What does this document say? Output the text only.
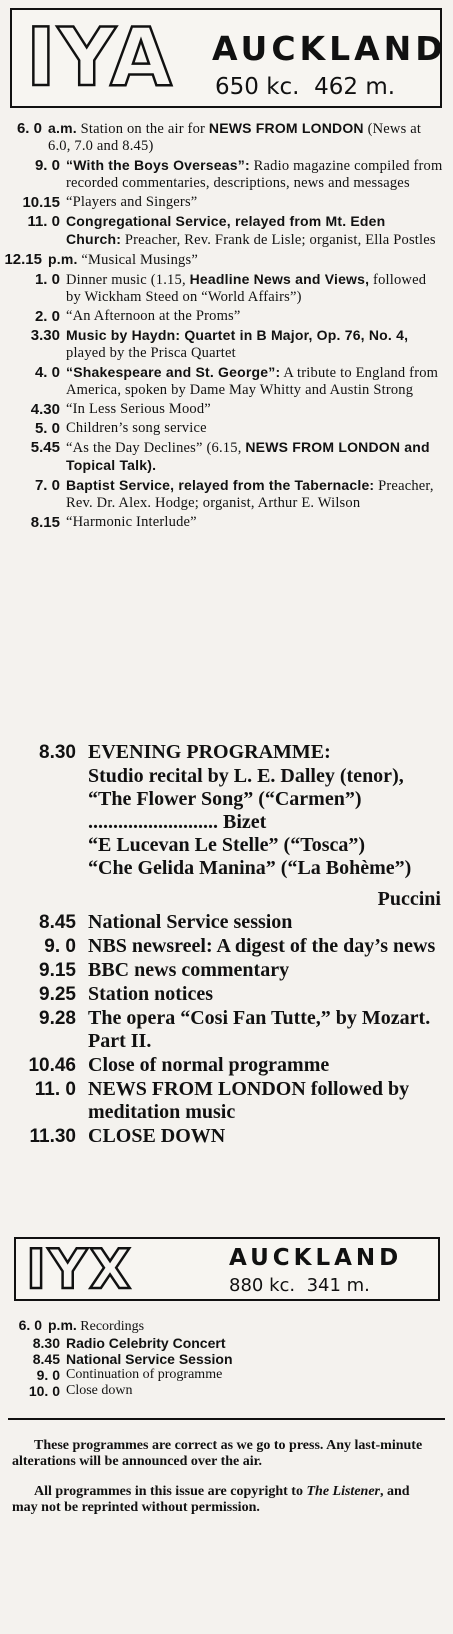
IYA AUCKLAND
650 kc.  462 m.
6. 0 a.m. Station on the air for NEWS FROM LONDON (News at 6.0, 7.0 and 8.45)
9. 0 “With the Boys Overseas”: Radio magazine compiled from recorded commentaries, descriptions, news and messages
10.15 “Players and Singers”
11. 0 Congregational Service, relayed from Mt. Eden Church: Preacher, Rev. Frank de Lisle; organist, Ella Postles
12.15 p.m. “Musical Musings”
1. 0 Dinner music (1.15, Headline News and Views, followed by Wickham Steed on “World Affairs”)
2. 0 “An Afternoon at the Proms”
3.30 Music by Haydn: Quartet in B Major, Op. 76, No. 4, played by the Prisca Quartet
4. 0 “Shakespeare and St. George”: A tribute to England from America, spoken by Dame May Whitty and Austin Strong
4.30 “In Less Serious Mood”
5. 0 Children’s song service
5.45 “As the Day Declines” (6.15, NEWS FROM LONDON and Topical Talk).
7. 0 Baptist Service, relayed from the Tabernacle: Preacher, Rev. Dr. Alex. Hodge; organist, Arthur E. Wilson
8.15 “Harmonic Interlude”
8.30 EVENING PROGRAMME:
Studio recital by L. E. Dalley (tenor),
“The Flower Song” (“Carmen”) .......................... Bizet
“E Lucevan Le Stelle” (“Tosca”)
“Che Gelida Manina” (“La Bohème”)
Puccini
8.45 National Service session
9. 0 NBS newsreel: A digest of the day’s news
9.15 BBC news commentary
9.25 Station notices
9.28 The opera “Cosi Fan Tutte,” by Mozart. Part II.
10.46 Close of normal programme
11. 0 NEWS FROM LONDON followed by meditation music
11.30 CLOSE DOWN
IYX	AUCKLAND
880 kc.  341 m.
6. 0 p.m. Recordings
8.30 Radio Celebrity Concert
8.45 National Service Session
9. 0 Continuation of programme
10. 0 Close down

These programmes are correct as we go to press. Any last-minute alterations will be announced over the air.

All programmes in this issue are copyright to The Listener, and may not be reprinted without permission.
